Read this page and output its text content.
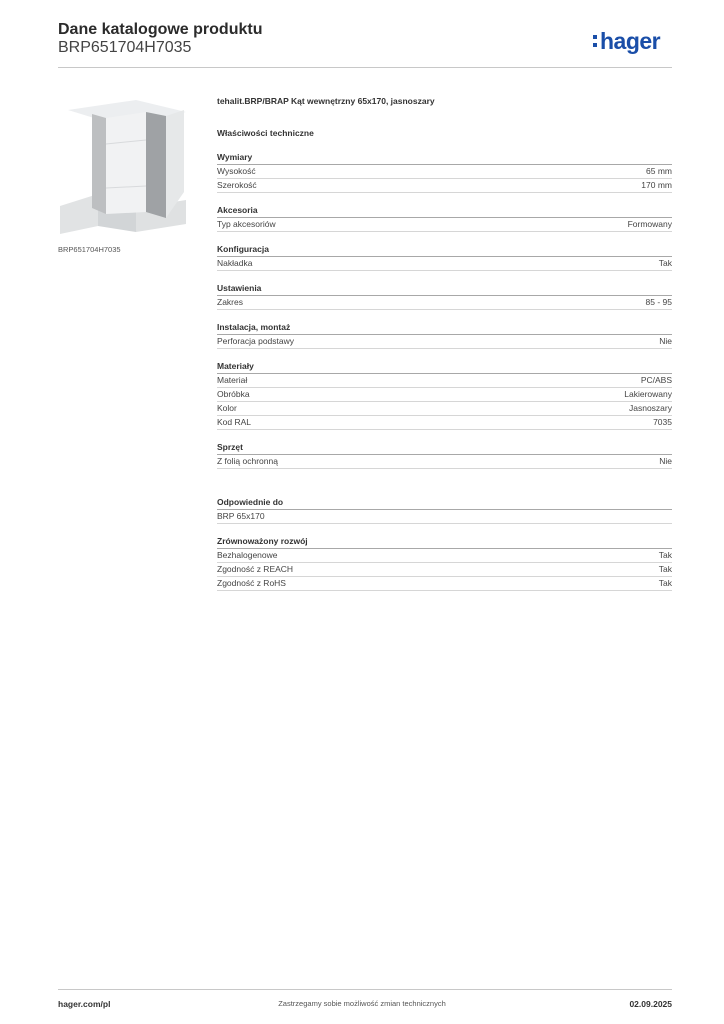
Dane katalogowe produktu
BRP651704H7035	hager
BRP651704H7035
tehalit.BRP/BRAP Kąt wewnętrzny 65x170, jasnoszary
Właściwości techniczne
Wymiary
Wysokość	65 mm
Szerokość	170 mm
Akcesoria
Typ akcesoriów	Formowany
Konfiguracja
Nakładka	Tak
Ustawienia
Zakres	85 - 95
Instalacja, montaż
Perforacja podstawy	Nie
Materiały
Materiał	PC/ABS
Obróbka	Lakierowany
Kolor	Jasnoszary
Kod RAL	7035
Sprzęt
Z folią ochronną	Nie
Odpowiednie do
BRP 65x170
Zrównoważony rozwój
Bezhalogenowe	Tak
Zgodność z REACH	Tak
Zgodność z RoHS	Tak
hager.com/pl	Zastrzegamy sobie możliwość zmian technicznych	02.09.2025
